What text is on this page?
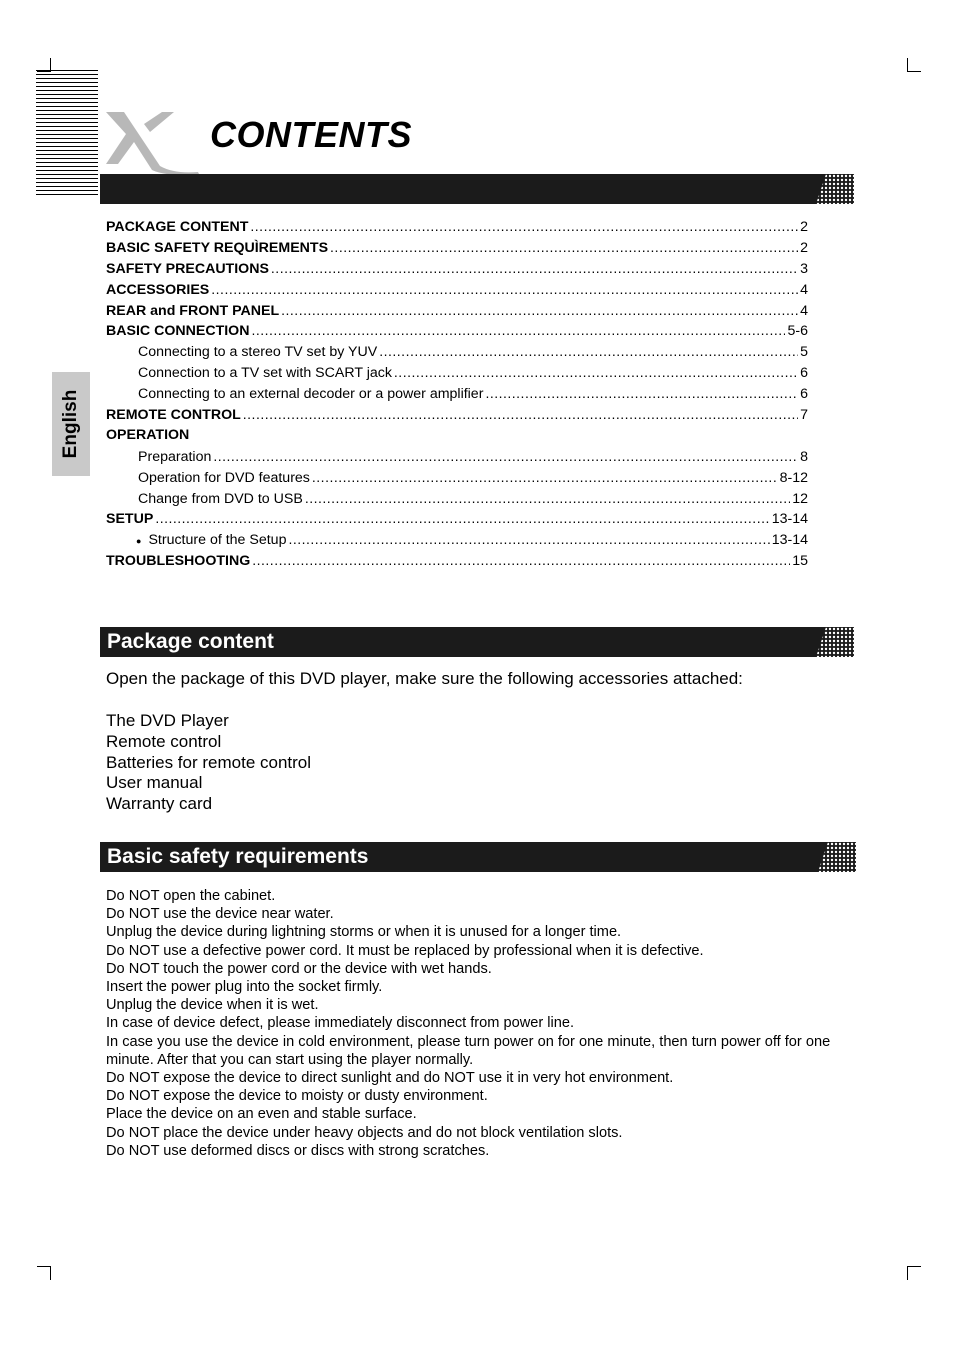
CONTENTS
PACKAGE CONTENT .....	2
BASIC SAFETY REQUÌREMENTS .....	2
SAFETY PRECAUTIONS .....	3
ACCESSORIES .....	4
REAR and FRONT PANEL .....	4
BASIC CONNECTION .....	5-6
Connecting to a stereo TV set by YUV .....	5
Connection to a TV set with SCART jack .....	6
Connecting to an external decoder or a power amplifier .....	6
REMOTE CONTROL .....	7
OPERATION
Preparation .....	8
Operation for DVD features .....	8-12
Change from DVD to USB .....	12
SETUP .....	13-14
● Structure of the Setup .....	13-14
TROUBLESHOOTING .....	15
English
Package content
Open the package of this DVD player, make sure the following accessories attached:
The DVD Player
Remote control
Batteries for remote control
User manual
Warranty card
Basic safety requirements
Do NOT open the cabinet.
Do NOT use the device near water.
Unplug the device during lightning storms or when it is unused for a longer time.
Do NOT use a defective power cord. It must be replaced by professional when it is defective.
Do NOT touch the power cord or the device with wet hands.
Insert the power plug into the socket firmly.
Unplug the device when it is wet.
In case of device defect, please immediately disconnect from power line.
In case you use the device in cold environment, please turn power on for one minute, then turn power off for one minute. After that you can start using the player normally.
Do NOT expose the device to direct sunlight and do NOT use it in very hot environment.
Do NOT expose the device to moisty or dusty environment.
Place the device on an even and stable surface.
Do NOT place the device under heavy objects and do not block ventilation slots.
Do NOT use deformed discs or discs with strong scratches.
